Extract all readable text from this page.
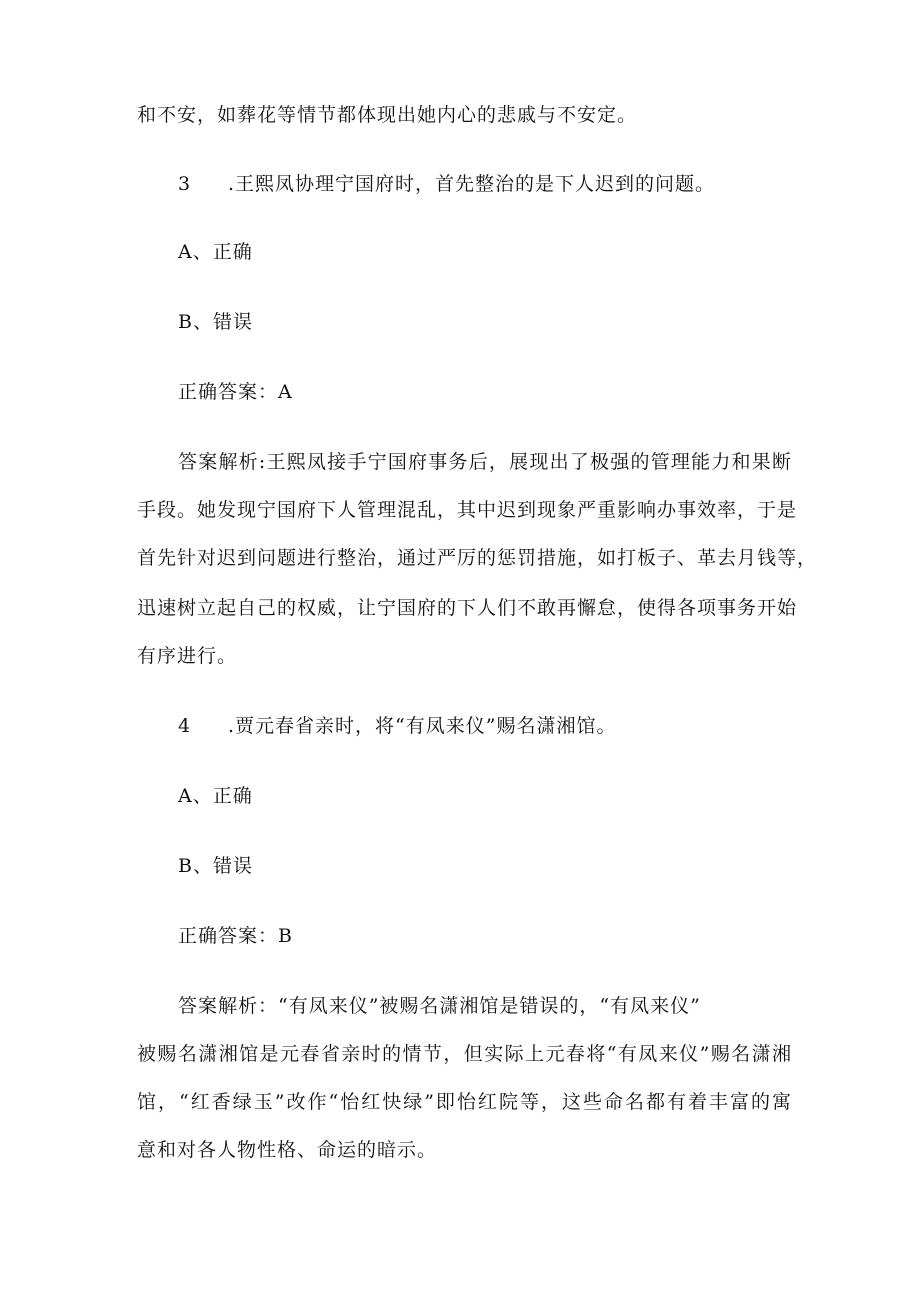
和不安，如葬花等情节都体现出她内心的悲戚与不安定。
3 .王熙凤协理宁国府时，首先整治的是下人迟到的问题。
A、正确
B、错误
正确答案：A
答案解析:王熙凤接手宁国府事务后，展现出了极强的管理能力和果断
手段。她发现宁国府下人管理混乱，其中迟到现象严重影响办事效率，于是
首先针对迟到问题进行整治，通过严厉的惩罚措施，如打板子、革去月钱等，
迅速树立起自己的权威，让宁国府的下人们不敢再懈怠，使得各项事务开始
有序进行。
4 .贾元春省亲时，将“有凤来仪”赐名潇湘馆。
A、正确
B、错误
正确答案：B
答案解析：“有凤来仪”被赐名潇湘馆是错误的，“有凤来仪”
被赐名潇湘馆是元春省亲时的情节，但实际上元春将“有凤来仪”赐名潇湘
馆，“红香绿玉”改作“怡红快绿”即怡红院等，这些命名都有着丰富的寓
意和对各人物性格、命运的暗示。
